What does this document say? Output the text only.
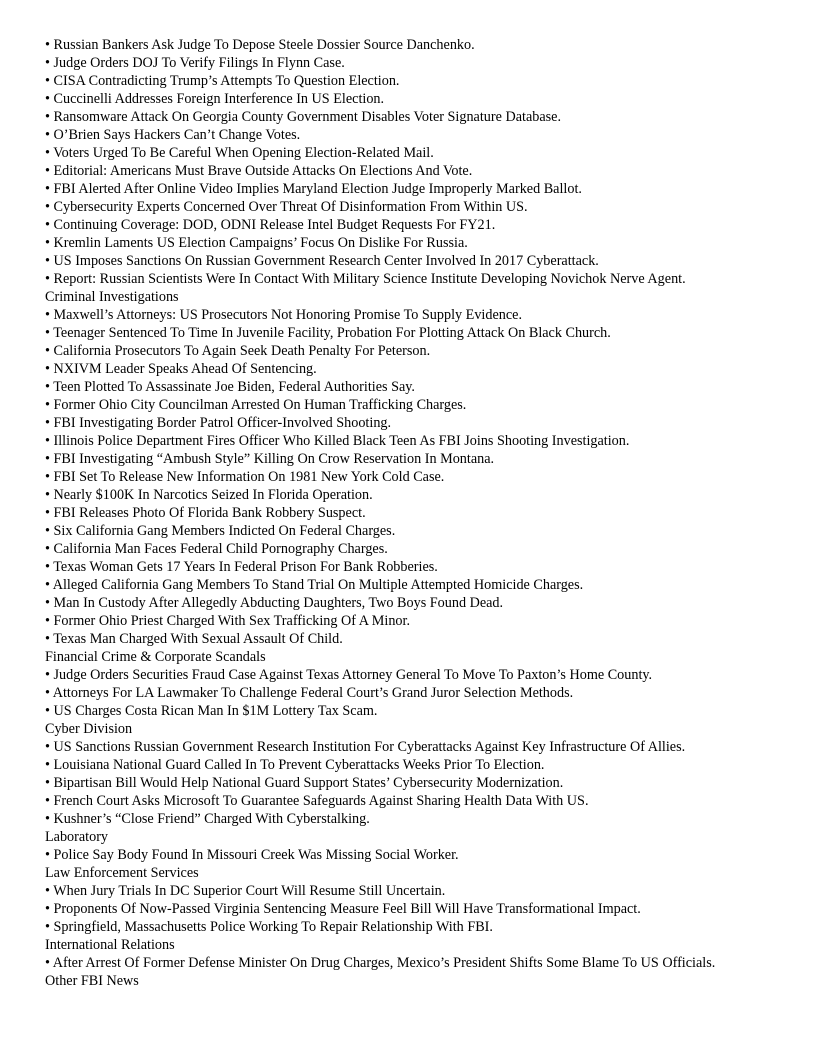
• Russian Bankers Ask Judge To Depose Steele Dossier Source Danchenko.

• Judge Orders DOJ To Verify Filings In Flynn Case.

• CISA Contradicting Trump’s Attempts To Question Election.

• Cuccinelli Addresses Foreign Interference In US Election.

• Ransomware Attack On Georgia County Government Disables Voter Signature Database.

• O’Brien Says Hackers Can’t Change Votes.

• Voters Urged To Be Careful When Opening Election-Related Mail.

• Editorial: Americans Must Brave Outside Attacks On Elections And Vote.

• FBI Alerted After Online Video Implies Maryland Election Judge Improperly Marked Ballot.

• Cybersecurity Experts Concerned Over Threat Of Disinformation From Within US.

• Continuing Coverage: DOD, ODNI Release Intel Budget Requests For FY21.

• Kremlin Laments US Election Campaigns’ Focus On Dislike For Russia.

• US Imposes Sanctions On Russian Government Research Center Involved In 2017 Cyberattack.

• Report: Russian Scientists Were In Contact With Military Science Institute Developing Novichok Nerve Agent.

Criminal Investigations

• Maxwell’s Attorneys: US Prosecutors Not Honoring Promise To Supply Evidence.

• Teenager Sentenced To Time In Juvenile Facility, Probation For Plotting Attack On Black Church.

• California Prosecutors To Again Seek Death Penalty For Peterson.

• NXIVM Leader Speaks Ahead Of Sentencing.

• Teen Plotted To Assassinate Joe Biden, Federal Authorities Say.

• Former Ohio City Councilman Arrested On Human Trafficking Charges.

• FBI Investigating Border Patrol Officer-Involved Shooting.

• Illinois Police Department Fires Officer Who Killed Black Teen As FBI Joins Shooting Investigation.

• FBI Investigating “Ambush Style” Killing On Crow Reservation In Montana.

• FBI Set To Release New Information On 1981 New York Cold Case.

• Nearly $100K In Narcotics Seized In Florida Operation.

• FBI Releases Photo Of Florida Bank Robbery Suspect.

• Six California Gang Members Indicted On Federal Charges.

• California Man Faces Federal Child Pornography Charges.

• Texas Woman Gets 17 Years In Federal Prison For Bank Robberies.

• Alleged California Gang Members To Stand Trial On Multiple Attempted Homicide Charges.

• Man In Custody After Allegedly Abducting Daughters, Two Boys Found Dead.

• Former Ohio Priest Charged With Sex Trafficking Of A Minor.

• Texas Man Charged With Sexual Assault Of Child.

Financial Crime & Corporate Scandals

• Judge Orders Securities Fraud Case Against Texas Attorney General To Move To Paxton’s Home County.

• Attorneys For LA Lawmaker To Challenge Federal Court’s Grand Juror Selection Methods.

• US Charges Costa Rican Man In $1M Lottery Tax Scam.

Cyber Division

• US Sanctions Russian Government Research Institution For Cyberattacks Against Key Infrastructure Of Allies.

• Louisiana National Guard Called In To Prevent Cyberattacks Weeks Prior To Election.

• Bipartisan Bill Would Help National Guard Support States’ Cybersecurity Modernization.

• French Court Asks Microsoft To Guarantee Safeguards Against Sharing Health Data With US.

• Kushner’s “Close Friend” Charged With Cyberstalking.

Laboratory

• Police Say Body Found In Missouri Creek Was Missing Social Worker.

Law Enforcement Services

• When Jury Trials In DC Superior Court Will Resume Still Uncertain.

• Proponents Of Now-Passed Virginia Sentencing Measure Feel Bill Will Have Transformational Impact.

• Springfield, Massachusetts Police Working To Repair Relationship With FBI.

International Relations

• After Arrest Of Former Defense Minister On Drug Charges, Mexico’s President Shifts Some Blame To US Officials.

Other FBI News
